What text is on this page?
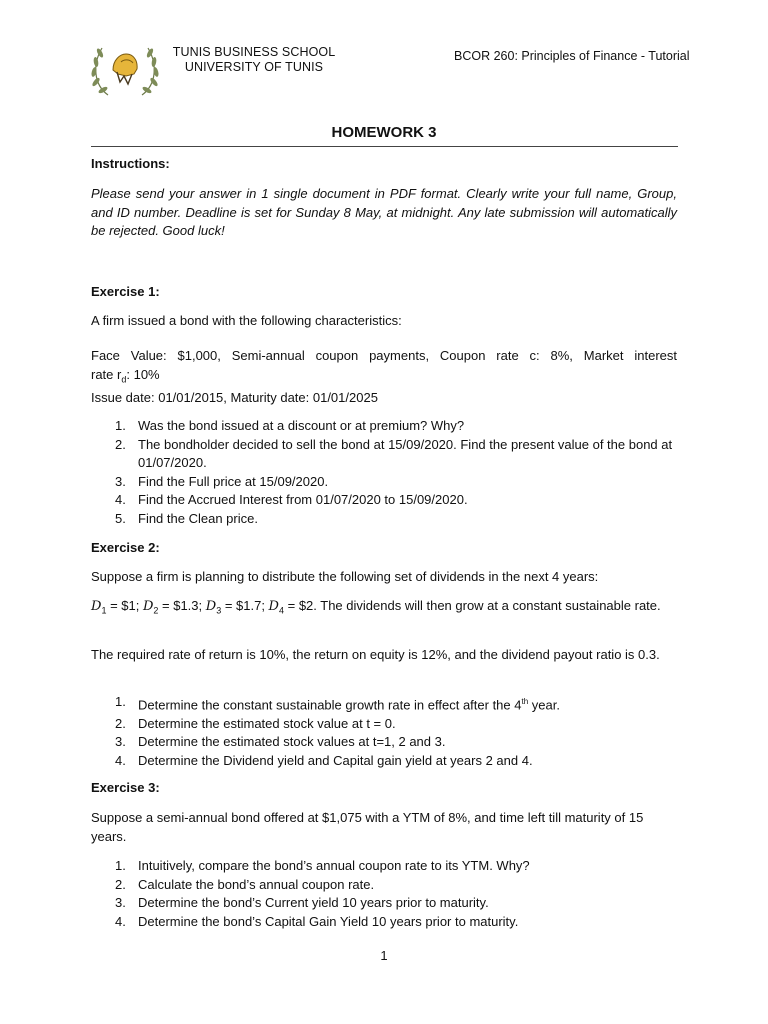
TUNIS BUSINESS SCHOOL
UNIVERSITY OF TUNIS
BCOR 260: Principles of Finance - Tutorial
HOMEWORK 3
Instructions:
Please send your answer in 1 single document in PDF format. Clearly write your full name, Group, and ID number. Deadline is set for Sunday 8 May, at midnight. Any late submission will automatically be rejected. Good luck!
Exercise 1:
A firm issued a bond with the following characteristics:
Face Value: $1,000, Semi-annual coupon payments, Coupon rate c: 8%, Market interest
rate $r_d$: 10%
Issue date: 01/01/2015, Maturity date: 01/01/2025
1. Was the bond issued at a discount or at premium? Why?
2. The bondholder decided to sell the bond at 15/09/2020. Find the present value of the bond at 01/07/2020.
3. Find the Full price at 15/09/2020.
4. Find the Accrued Interest from 01/07/2020 to 15/09/2020.
5. Find the Clean price.
Exercise 2:
Suppose a firm is planning to distribute the following set of dividends in the next 4 years:
$D_1$ = $1; $D_2$ = $1.3; $D_3$ = $1.7; $D_4$ = $2. The dividends will then grow at a constant sustainable rate.
The required rate of return is 10%, the return on equity is 12%, and the dividend payout ratio is 0.3.
1. Determine the constant sustainable growth rate in effect after the 4th year.
2. Determine the estimated stock value at t = 0.
3. Determine the estimated stock values at t=1, 2 and 3.
4. Determine the Dividend yield and Capital gain yield at years 2 and 4.
Exercise 3:
Suppose a semi-annual bond offered at $1,075 with a YTM of 8%, and time left till maturity of 15 years.
1. Intuitively, compare the bond’s annual coupon rate to its YTM. Why?
2. Calculate the bond’s annual coupon rate.
3. Determine the bond’s Current yield 10 years prior to maturity.
4. Determine the bond’s Capital Gain Yield 10 years prior to maturity.
1
